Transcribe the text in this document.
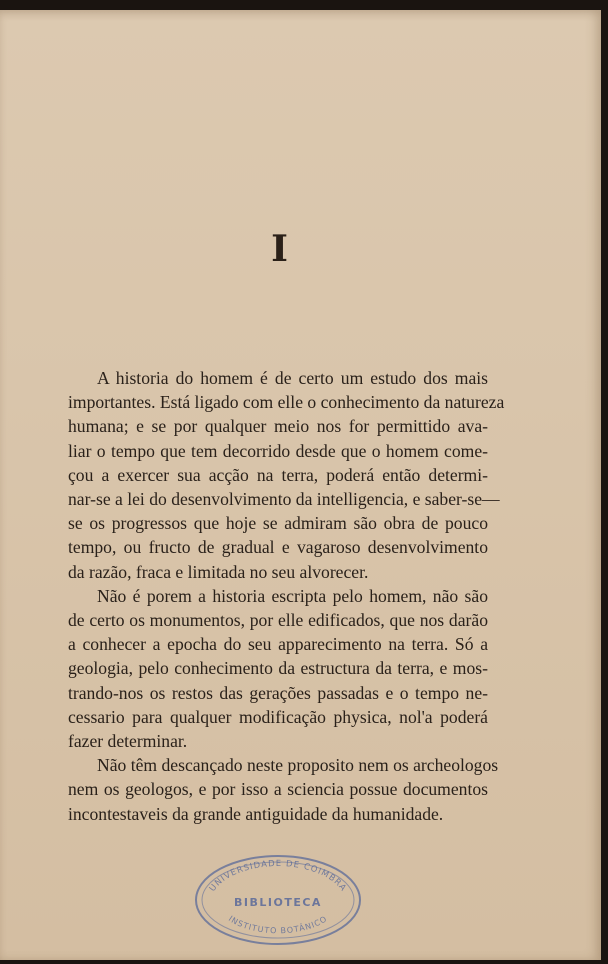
I
A historia do homem é de certo um estudo dos mais
importantes. Está ligado com elle o conhecimento da natureza
humana; e se por qualquer meio nos for permittido ava-
liar o tempo que tem decorrido desde que o homem come-
çou a exercer sua acção na terra, poderá então determi-
nar-se a lei do desenvolvimento da intelligencia, e saber-se—
se os progressos que hoje se admiram são obra de pouco
tempo, ou fructo de gradual e vagaroso desenvolvimento
da razão, fraca e limitada no seu alvorecer.
Não é porem a historia escripta pelo homem, não são
de certo os monumentos, por elle edificados, que nos darão
a conhecer a epocha do seu apparecimento na terra. Só a
geologia, pelo conhecimento da estructura da terra, e mos-
trando-nos os restos das gerações passadas e o tempo ne-
cessario para qualquer modificação physica, nol'a poderá
fazer determinar.
Não têm descançado neste proposito nem os archeologos
nem os geologos, e por isso a sciencia possue documentos
incontestaveis da grande antiguidade da humanidade.
UNIVERSIDADE DE COIMBRA
BIBLIOTECA
INSTITUTO BOTÂNICO
